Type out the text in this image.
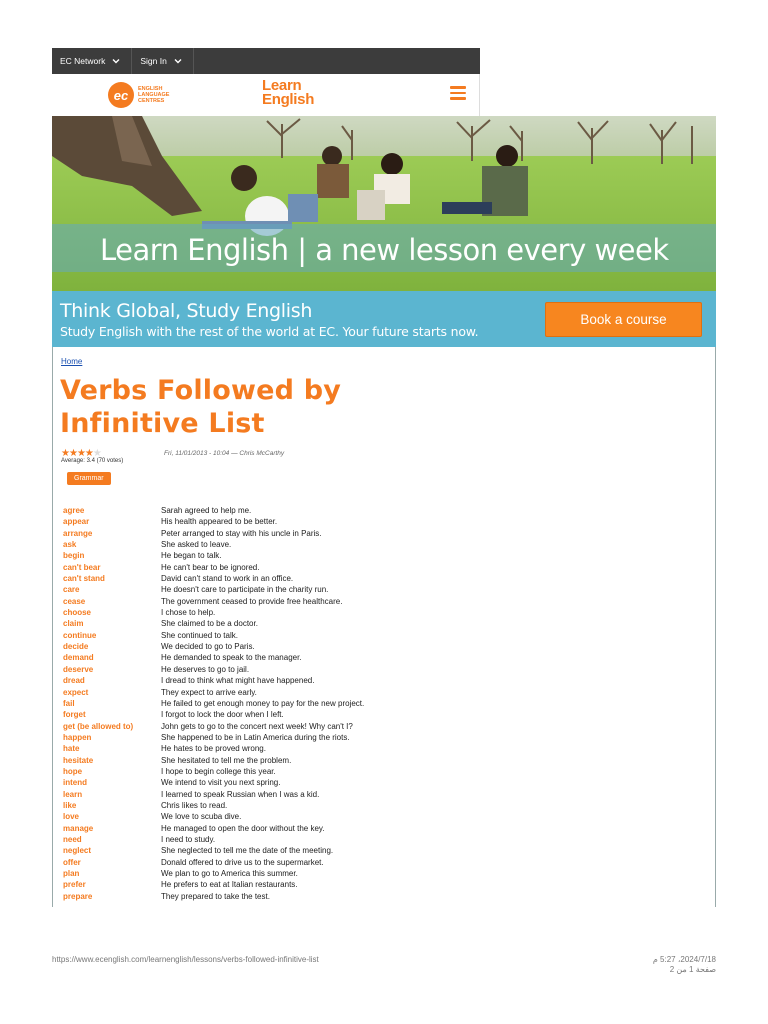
EC Network	Sign In
ec	ENGLISH LANGUAGE CENTRES
Learn
English
Learn English | a new lesson every week
Think Global, Study English
Study English with the rest of the world at EC. Your future starts now.
Book a course
Home
Verbs Followed by Infinitive List
★★★★★
Average: 3.4 (70 votes)
Fri, 11/01/2013 - 10:04 — Chris McCarthy
Grammar
agree	Sarah agreed to help me.
appear	His health appeared to be better.
arrange	Peter arranged to stay with his uncle in Paris.
ask	She asked to leave.
begin	He began to talk.
can't bear	He can't bear to be ignored.
can't stand	David can't stand to work in an office.
care	He doesn't care to participate in the charity run.
cease	The government ceased to provide free healthcare.
choose	I chose to help.
claim	She claimed to be a doctor.
continue	She continued to talk.
decide	We decided to go to Paris.
demand	He demanded to speak to the manager.
deserve	He deserves to go to jail.
dread	I dread to think what might have happened.
expect	They expect to arrive early.
fail	He failed to get enough money to pay for the new project.
forget	I forgot to lock the door when I left.
get (be allowed to)	John gets to go to the concert next week! Why can't I?
happen	She happened to be in Latin America during the riots.
hate	He hates to be proved wrong.
hesitate	She hesitated to tell me the problem.
hope	I hope to begin college this year.
intend	We intend to visit you next spring.
learn	I learned to speak Russian when I was a kid.
like	Chris likes to read.
love	We love to scuba dive.
manage	He managed to open the door without the key.
need	I need to study.
neglect	She neglected to tell me the date of the meeting.
offer	Donald offered to drive us to the supermarket.
plan	We plan to go to America this summer.
prefer	He prefers to eat at Italian restaurants.
prepare	They prepared to take the test.
https://www.ecenglish.com/learnenglish/lessons/verbs-followed-infinitive-list	2024/7/18، 5:27 م
صفحة 1 من 2
